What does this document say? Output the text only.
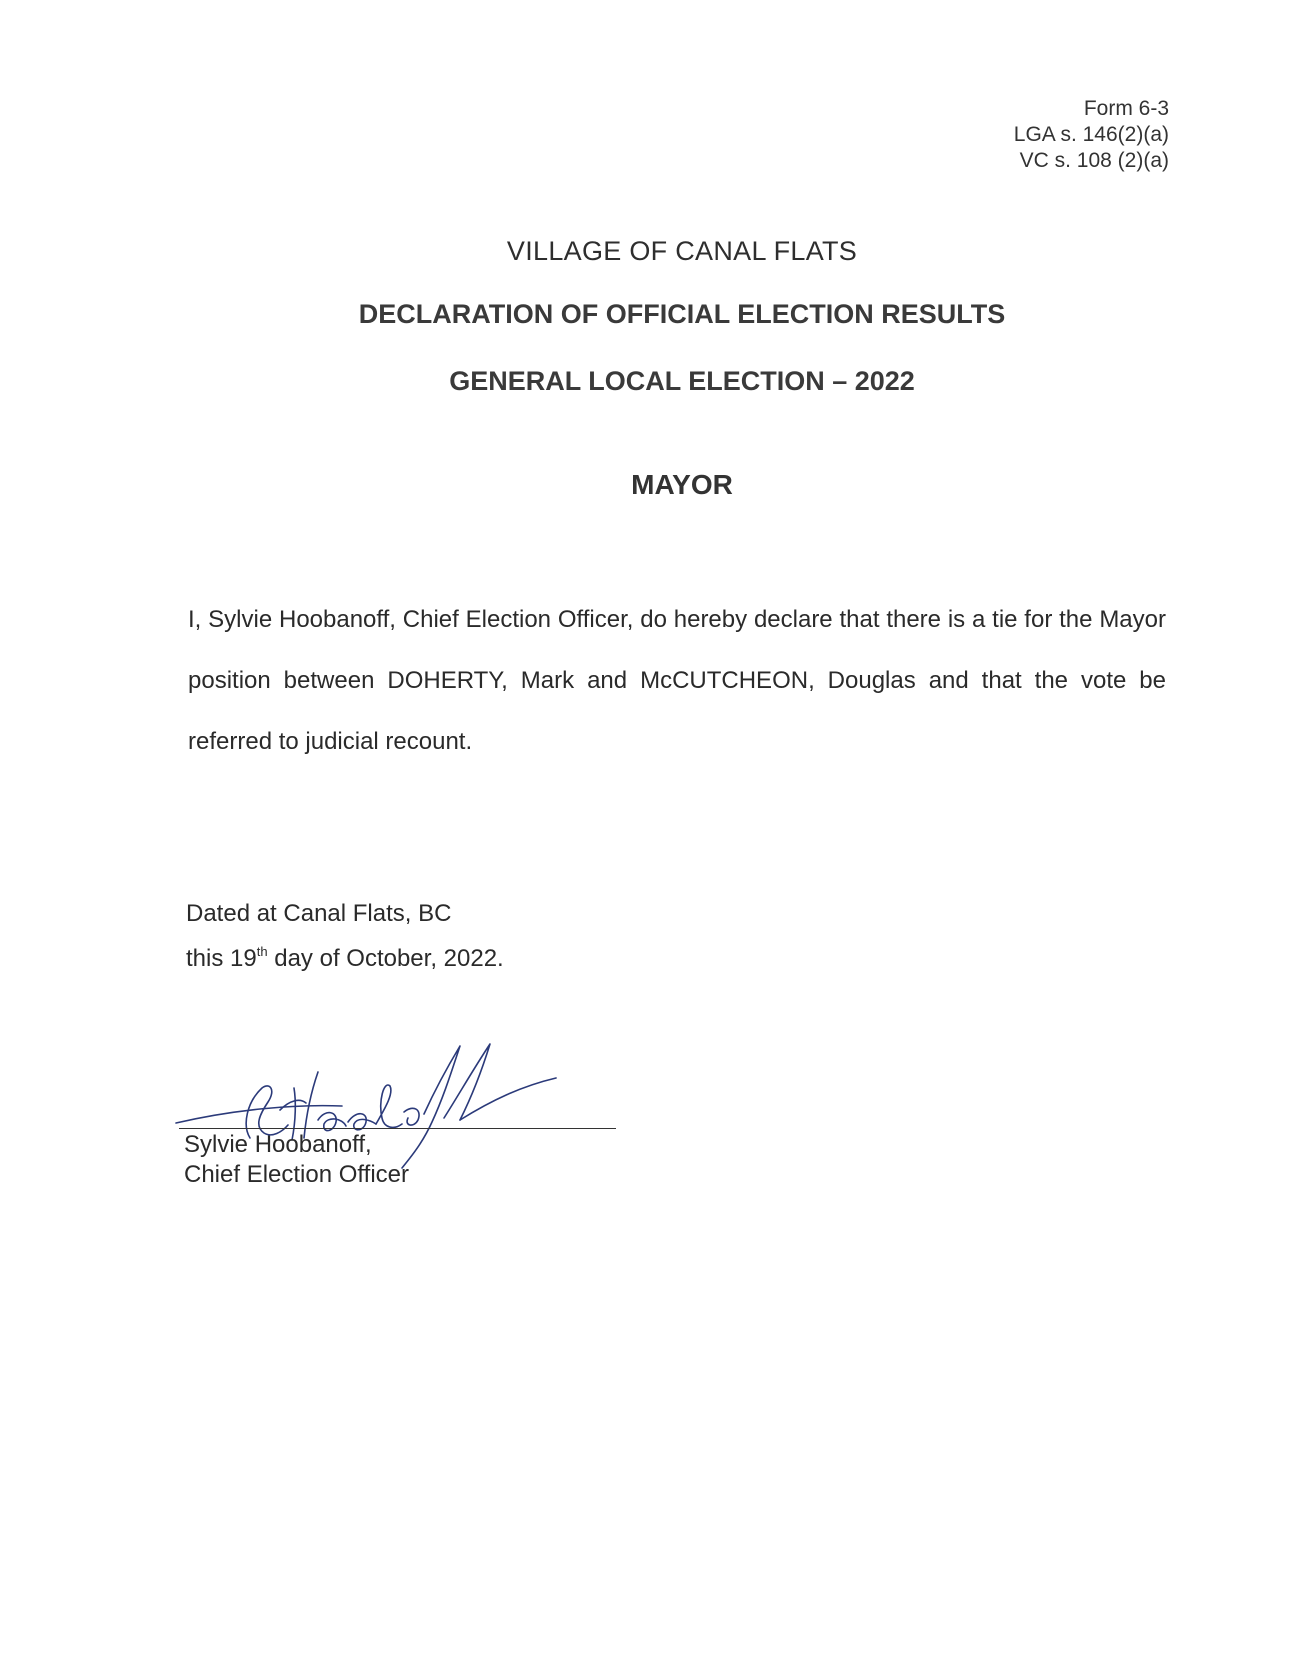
Form 6-3
LGA s. 146(2)(a)
VC s. 108 (2)(a)
VILLAGE OF CANAL FLATS
DECLARATION OF OFFICIAL ELECTION RESULTS
GENERAL LOCAL ELECTION – 2022
MAYOR
I, Sylvie Hoobanoff, Chief Election Officer, do hereby declare that there is a tie for the Mayor position between DOHERTY, Mark and McCUTCHEON, Douglas and that the vote be referred to judicial recount.
Dated at Canal Flats, BC
this 19th day of October, 2022.
Sylvie Hoobanoff,
Chief Election Officer
